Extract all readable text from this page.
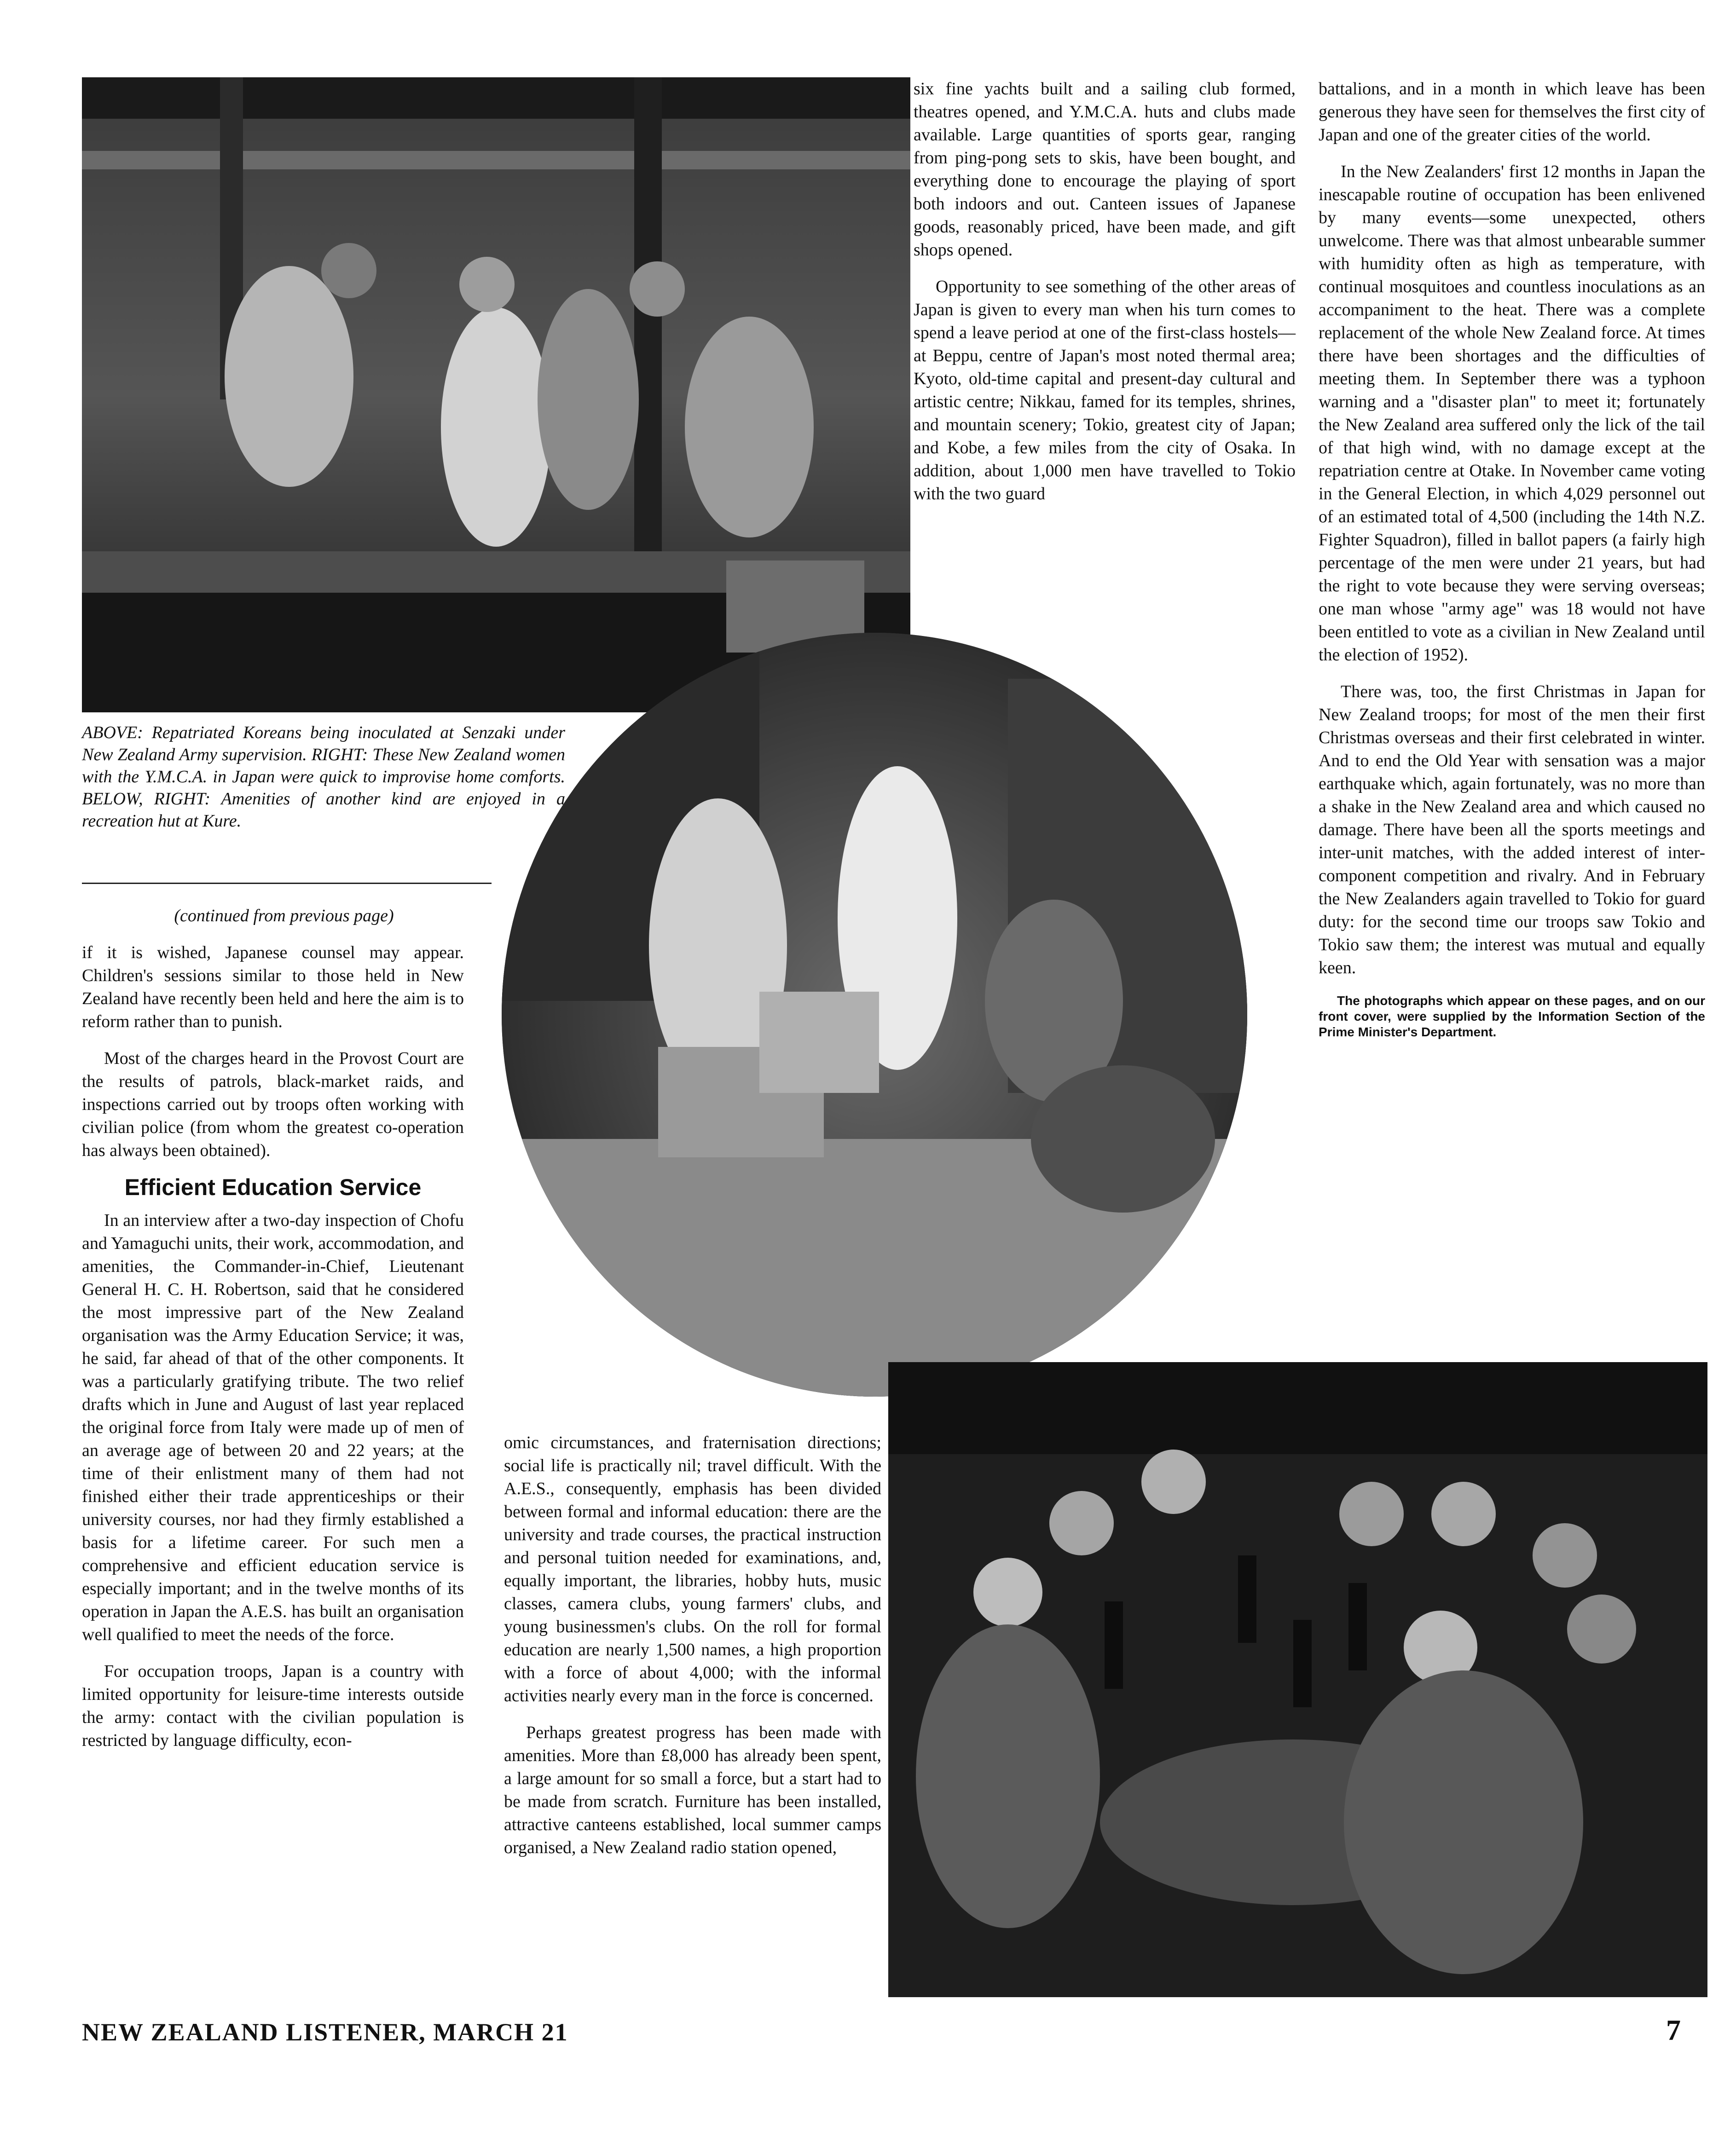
ABOVE: Repatriated Koreans being inoculated at Senzaki under New Zealand Army supervision. RIGHT: These New Zealand women with the Y.M.C.A. in Japan were quick to improvise home comforts. BELOW, RIGHT: Amenities of another kind are enjoyed in a recreation hut at Kure.

(continued from previous page)

if it is wished, Japanese counsel may appear. Children's sessions similar to those held in New Zealand have recently been held and here the aim is to reform rather than to punish.

Most of the charges heard in the Provost Court are the results of patrols, black-market raids, and inspections carried out by troops often working with civilian police (from whom the greatest co-operation has always been obtained).

Efficient Education Service

In an interview after a two-day inspection of Chofu and Yamaguchi units, their work, accommodation, and amenities, the Commander-in-Chief, Lieutenant General H. C. H. Robertson, said that he considered the most impressive part of the New Zealand organisation was the Army Education Service; it was, he said, far ahead of that of the other components. It was a particularly gratifying tribute. The two relief drafts which in June and August of last year replaced the original force from Italy were made up of men of an average age of between 20 and 22 years; at the time of their enlistment many of them had not finished either their trade apprenticeships or their university courses, nor had they firmly established a basis for a lifetime career. For such men a comprehensive and efficient education service is especially important; and in the twelve months of its operation in Japan the A.E.S. has built an organisation well qualified to meet the needs of the force.

For occupation troops, Japan is a country with limited opportunity for leisure-time interests outside the army: contact with the civilian population is restricted by language difficulty, econ-

six fine yachts built and a sailing club formed, theatres opened, and Y.M.C.A. huts and clubs made available. Large quantities of sports gear, ranging from ping-pong sets to skis, have been bought, and everything done to encourage the playing of sport both indoors and out. Canteen issues of Japanese goods, reasonably priced, have been made, and gift shops opened.

Opportunity to see something of the other areas of Japan is given to every man when his turn comes to spend a leave period at one of the first-class hostels—at Beppu, centre of Japan's most noted thermal area; Kyoto, old-time capital and present-day cultural and artistic centre; Nikkau, famed for its temples, shrines, and mountain scenery; Tokio, greatest city of Japan; and Kobe, a few miles from the city of Osaka. In addition, about 1,000 men have travelled to Tokio with the two guard

omic circumstances, and fraternisation directions; social life is practically nil; travel difficult. With the A.E.S., consequently, emphasis has been divided between formal and informal education: there are the university and trade courses, the practical instruction and personal tuition needed for examinations, and, equally important, the libraries, hobby huts, music classes, camera clubs, young farmers' clubs, and young businessmen's clubs. On the roll for formal education are nearly 1,500 names, a high proportion with a force of about 4,000; with the informal activities nearly every man in the force is concerned.

Perhaps greatest progress has been made with amenities. More than £8,000 has already been spent, a large amount for so small a force, but a start had to be made from scratch. Furniture has been installed, attractive canteens established, local summer camps organised, a New Zealand radio station opened,

battalions, and in a month in which leave has been generous they have seen for themselves the first city of Japan and one of the greater cities of the world.

In the New Zealanders' first 12 months in Japan the inescapable routine of occupation has been enlivened by many events—some unexpected, others unwelcome. There was that almost unbearable summer with humidity often as high as temperature, with continual mosquitoes and countless inoculations as an accompaniment to the heat. There was a complete replacement of the whole New Zealand force. At times there have been shortages and the difficulties of meeting them. In September there was a typhoon warning and a "disaster plan" to meet it; fortunately the New Zealand area suffered only the lick of the tail of that high wind, with no damage except at the repatriation centre at Otake. In November came voting in the General Election, in which 4,029 personnel out of an estimated total of 4,500 (including the 14th N.Z. Fighter Squadron), filled in ballot papers (a fairly high percentage of the men were under 21 years, but had the right to vote because they were serving overseas; one man whose "army age" was 18 would not have been entitled to vote as a civilian in New Zealand until the election of 1952).

There was, too, the first Christmas in Japan for New Zealand troops; for most of the men their first Christmas overseas and their first celebrated in winter. And to end the Old Year with sensation was a major earthquake which, again fortunately, was no more than a shake in the New Zealand area and which caused no damage. There have been all the sports meetings and inter-unit matches, with the added interest of inter-component competition and rivalry. And in February the New Zealanders again travelled to Tokio for guard duty: for the second time our troops saw Tokio and Tokio saw them; the interest was mutual and equally keen.

The photographs which appear on these pages, and on our front cover, were supplied by the Information Section of the Prime Minister's Department.
NEW ZEALAND LISTENER, MARCH 21	7
